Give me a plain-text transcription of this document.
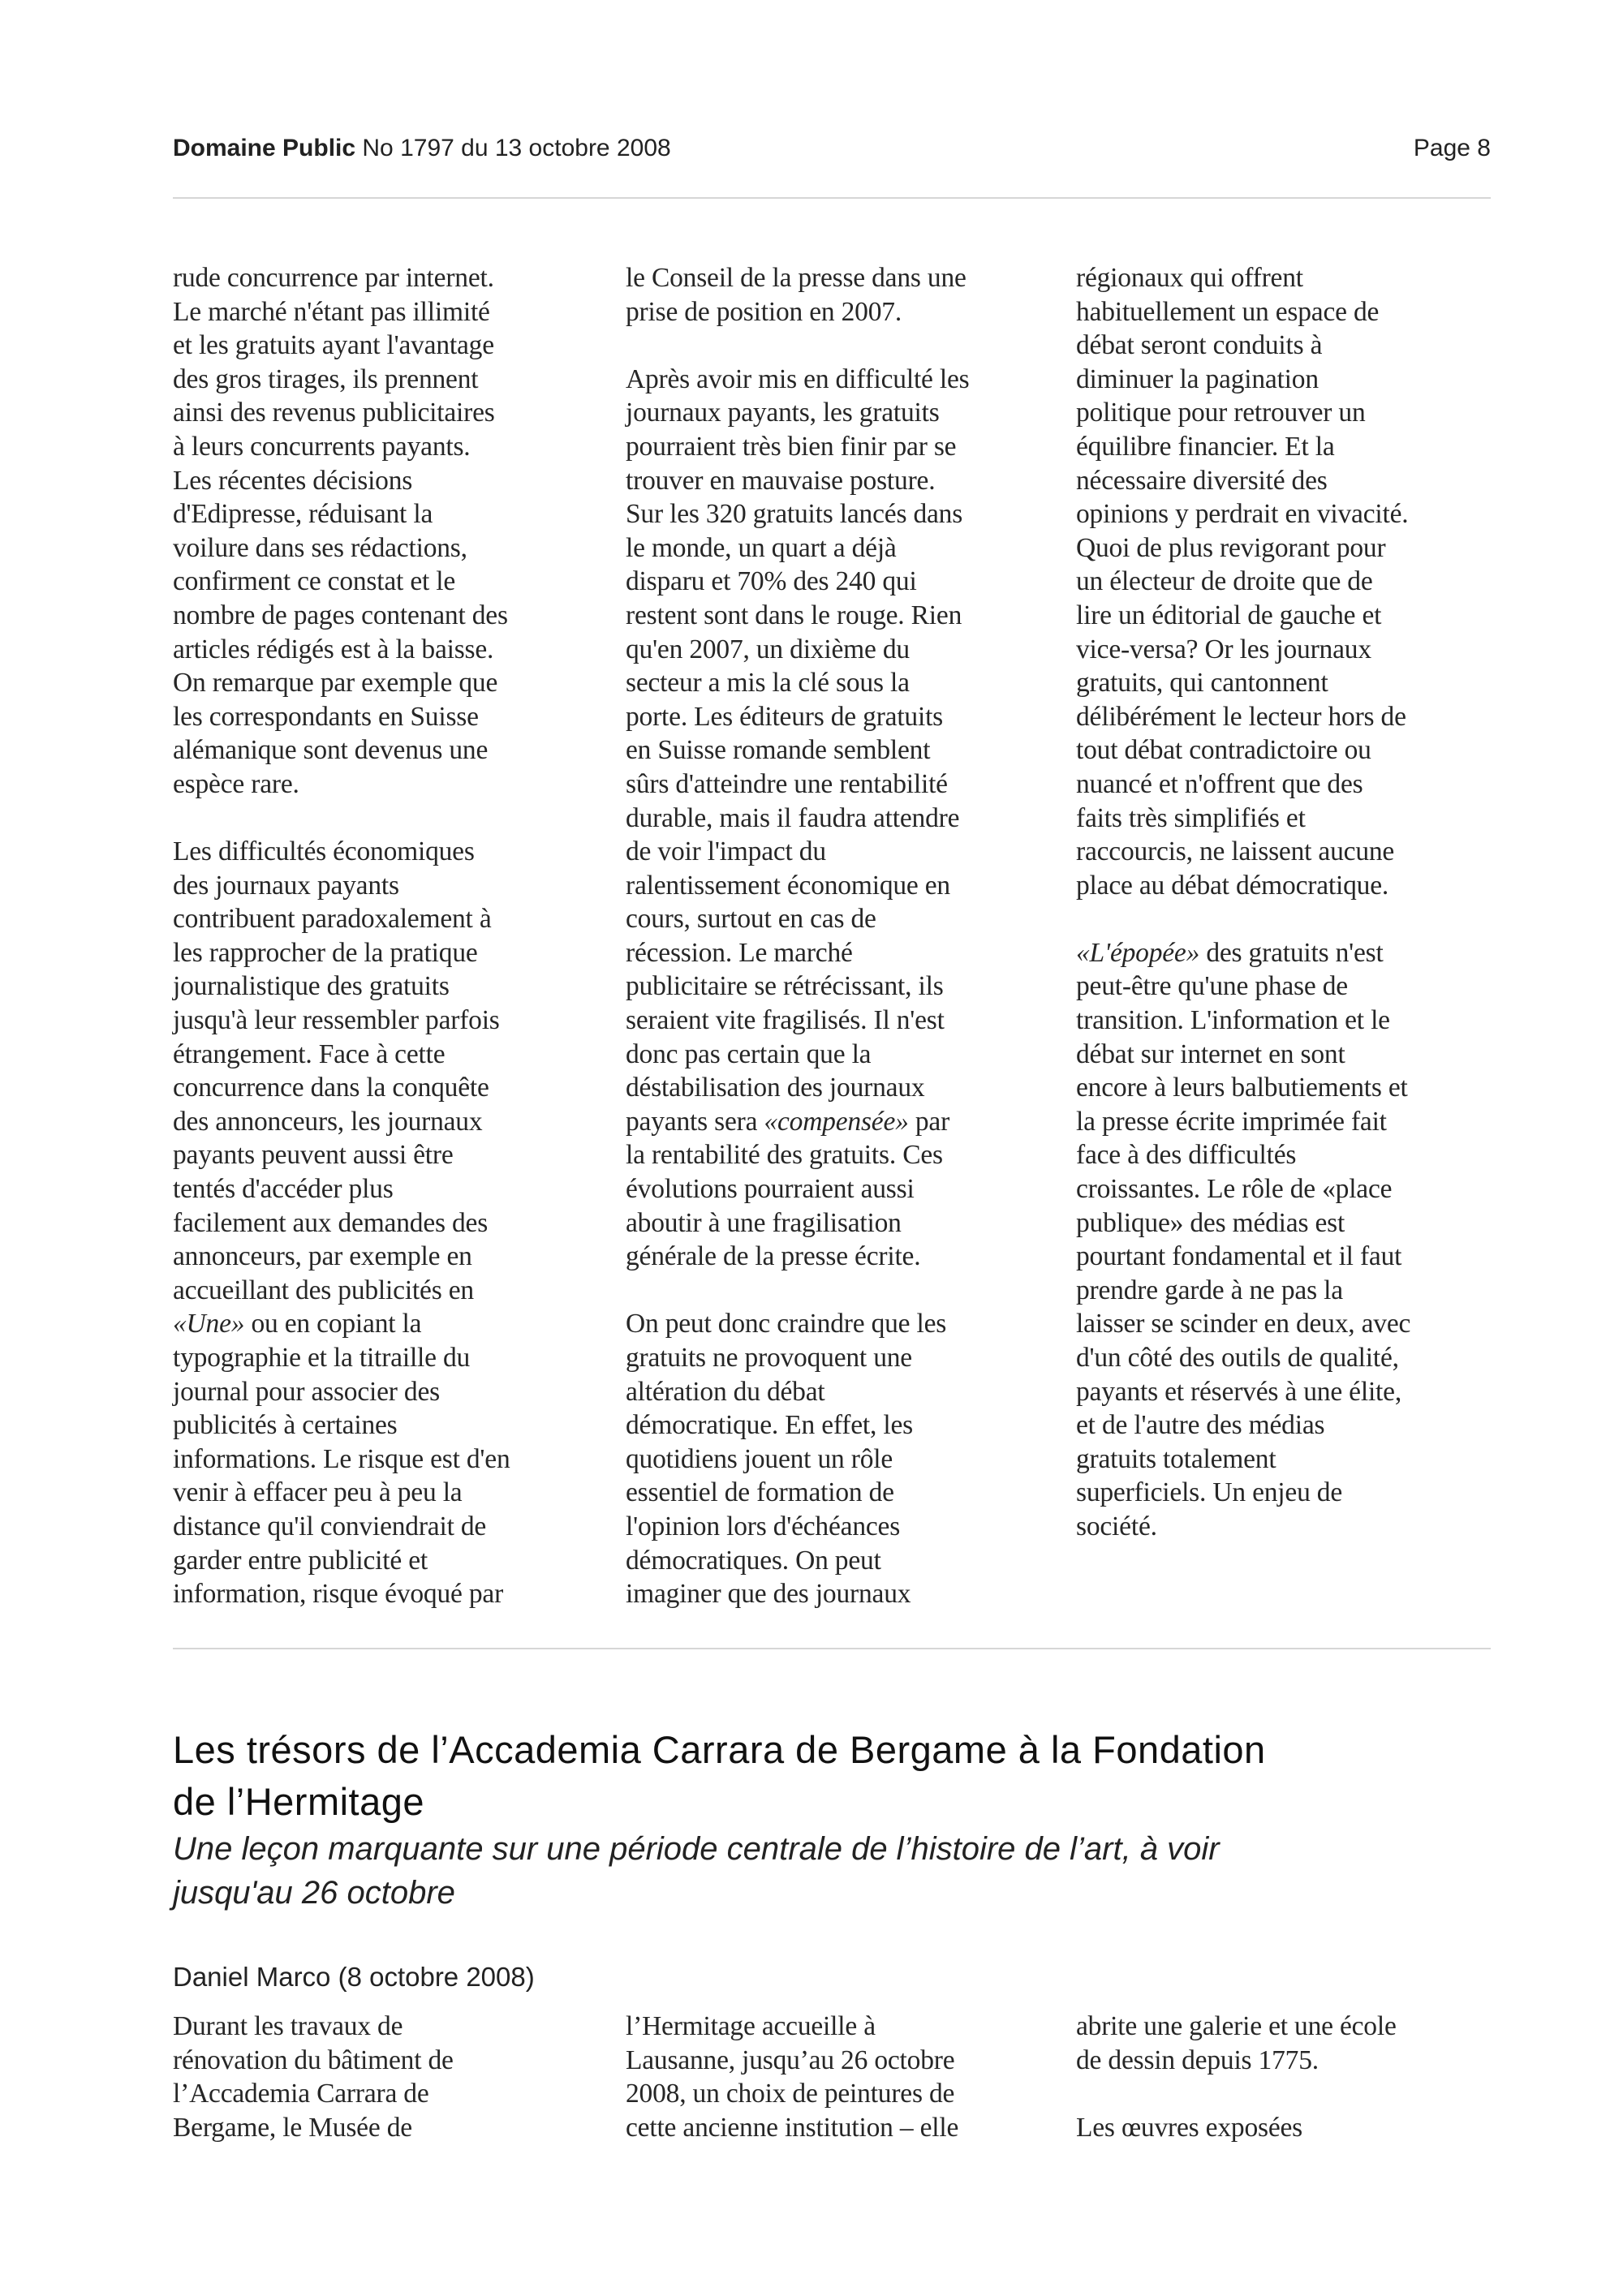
Domaine Public No 1797 du 13 octobre 2008	Page 8
rude concurrence par internet.
Le marché n'étant pas illimité
et les gratuits ayant l'avantage
des gros tirages, ils prennent
ainsi des revenus publicitaires
à leurs concurrents payants.
Les récentes décisions
d'Edipresse, réduisant la
voilure dans ses rédactions,
confirment ce constat et le
nombre de pages contenant des
articles rédigés est à la baisse.
On remarque par exemple que
les correspondants en Suisse
alémanique sont devenus une
espèce rare.
Les difficultés économiques
des journaux payants
contribuent paradoxalement à
les rapprocher de la pratique
journalistique des gratuits
jusqu'à leur ressembler parfois
étrangement. Face à cette
concurrence dans la conquête
des annonceurs, les journaux
payants peuvent aussi être
tentés d'accéder plus
facilement aux demandes des
annonceurs, par exemple en
accueillant des publicités en
«Une» ou en copiant la
typographie et la titraille du
journal pour associer des
publicités à certaines
informations. Le risque est d'en
venir à effacer peu à peu la
distance qu'il conviendrait de
garder entre publicité et
information, risque évoqué par
le Conseil de la presse dans une
prise de position en 2007.
Après avoir mis en difficulté les
journaux payants, les gratuits
pourraient très bien finir par se
trouver en mauvaise posture.
Sur les 320 gratuits lancés dans
le monde, un quart a déjà
disparu et 70% des 240 qui
restent sont dans le rouge. Rien
qu'en 2007, un dixième du
secteur a mis la clé sous la
porte. Les éditeurs de gratuits
en Suisse romande semblent
sûrs d'atteindre une rentabilité
durable, mais il faudra attendre
de voir l'impact du
ralentissement économique en
cours, surtout en cas de
récession. Le marché
publicitaire se rétrécissant, ils
seraient vite fragilisés. Il n'est
donc pas certain que la
déstabilisation des journaux
payants sera «compensée» par
la rentabilité des gratuits. Ces
évolutions pourraient aussi
aboutir à une fragilisation
générale de la presse écrite.
On peut donc craindre que les
gratuits ne provoquent une
altération du débat
démocratique. En effet, les
quotidiens jouent un rôle
essentiel de formation de
l'opinion lors d'échéances
démocratiques. On peut
imaginer que des journaux
régionaux qui offrent
habituellement un espace de
débat seront conduits à
diminuer la pagination
politique pour retrouver un
équilibre financier. Et la
nécessaire diversité des
opinions y perdrait en vivacité.
Quoi de plus revigorant pour
un électeur de droite que de
lire un éditorial de gauche et
vice-versa? Or les journaux
gratuits, qui cantonnent
délibérément le lecteur hors de
tout débat contradictoire ou
nuancé et n'offrent que des
faits très simplifiés et
raccourcis, ne laissent aucune
place au débat démocratique.
«L'épopée» des gratuits n'est
peut-être qu'une phase de
transition. L'information et le
débat sur internet en sont
encore à leurs balbutiements et
la presse écrite imprimée fait
face à des difficultés
croissantes. Le rôle de «place
publique» des médias est
pourtant fondamental et il faut
prendre garde à ne pas la
laisser se scinder en deux, avec
d'un côté des outils de qualité,
payants et réservés à une élite,
et de l'autre des médias
gratuits totalement
superficiels. Un enjeu de
société.
Les trésors de l’Accademia Carrara de Bergame à la Fondation
de l’Hermitage
Une leçon marquante sur une période centrale de l’histoire de l’art, à voir
jusqu'au 26 octobre
Daniel Marco (8 octobre 2008)
Durant les travaux de
rénovation du bâtiment de
l’Accademia Carrara de
Bergame, le Musée de
l’Hermitage accueille à
Lausanne, jusqu’au 26 octobre
2008, un choix de peintures de
cette ancienne institution – elle
abrite une galerie et une école
de dessin depuis 1775.
Les œuvres exposées
